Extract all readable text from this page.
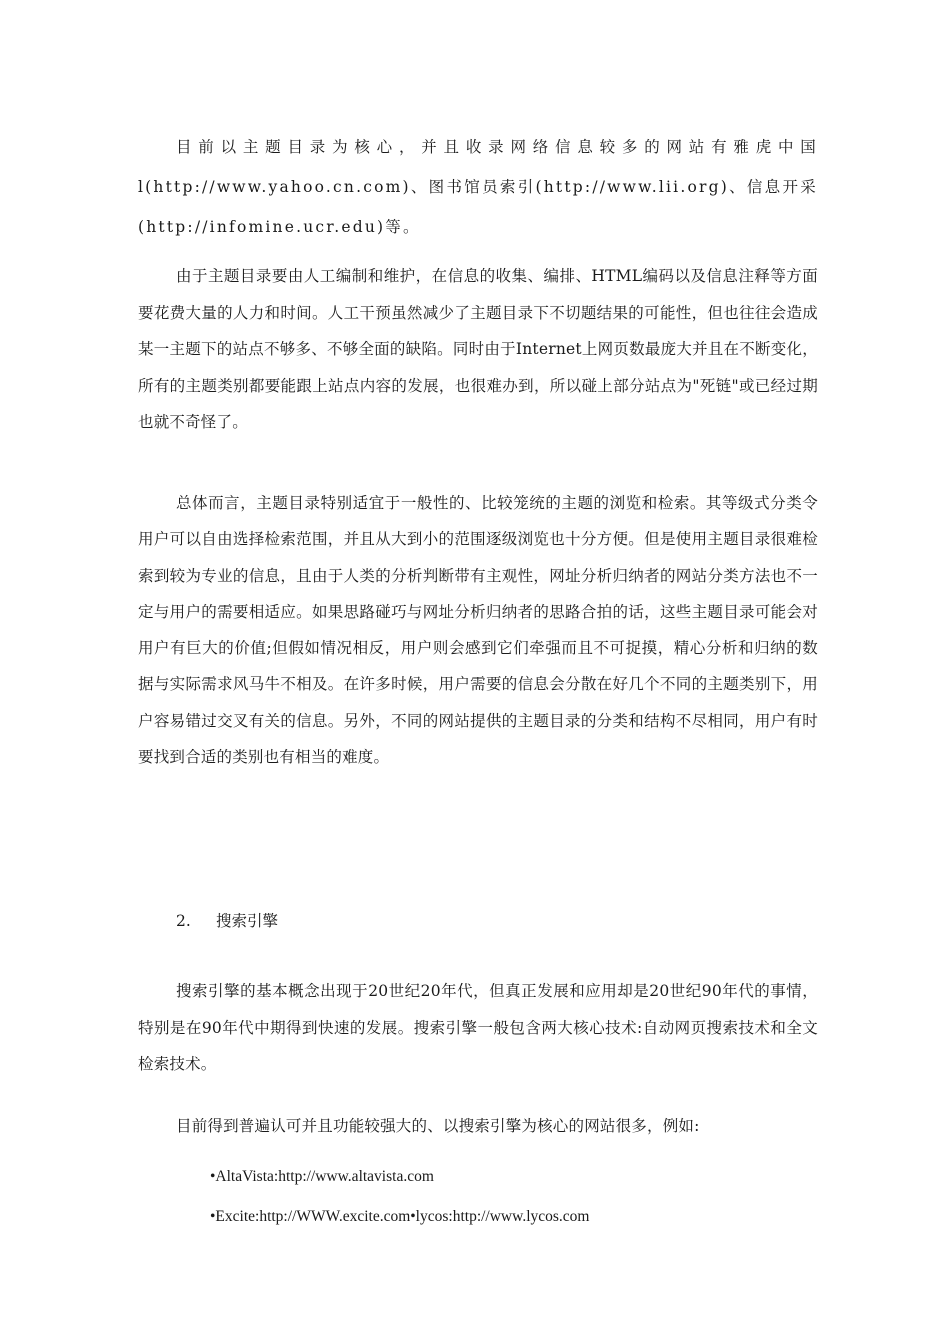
目前以主题目录为核心，并且收录网络信息较多的网站有雅虎中国 l(http://www.yahoo.cn.com)、图书馆员索引(http://www.lii.org)、信息开采(http://infomine.ucr.edu)等。

由于主题目录要由人工编制和维护，在信息的收集、编排、HTML编码以及信息注释等方面要花费大量的人力和时间。人工干预虽然减少了主题目录下不切题结果的可能性，但也往往会造成某一主题下的站点不够多、不够全面的缺陷。同时由于Internet上网页数最庞大并且在不断变化，所有的主题类别都要能跟上站点内容的发展，也很难办到，所以碰上部分站点为"死链"或已经过期也就不奇怪了。

总体而言，主题目录特别适宜于一般性的、比较笼统的主题的浏览和检索。其等级式分类令用户可以自由选择检索范围，并且从大到小的范围逐级浏览也十分方便。但是使用主题目录很难检索到较为专业的信息，且由于人类的分析判断带有主观性，网址分析归纳者的网站分类方法也不一定与用户的需要相适应。如果思路碰巧与网址分析归纳者的思路合拍的话，这些主题目录可能会对用户有巨大的价值;但假如情况相反，用户则会感到它们牵强而且不可捉摸，精心分析和归纳的数据与实际需求风马牛不相及。在许多时候，用户需要的信息会分散在好几个不同的主题类别下，用户容易错过交叉有关的信息。另外，不同的网站提供的主题目录的分类和结构不尽相同，用户有时要找到合适的类别也有相当的难度。

2. 搜索引擎

搜索引擎的基本概念出现于20世纪20年代，但真正发展和应用却是20世纪90年代的事情，特别是在90年代中期得到快速的发展。搜索引擎一般包含两大核心技术:自动网页搜索技术和全文检索技术。

目前得到普遍认可并且功能较强大的、以搜索引擎为核心的网站很多，例如:

•AltaVista:http://www.altavista.com

•Excite:http://WWW.excite.com•lycos:http://www.lycos.com
